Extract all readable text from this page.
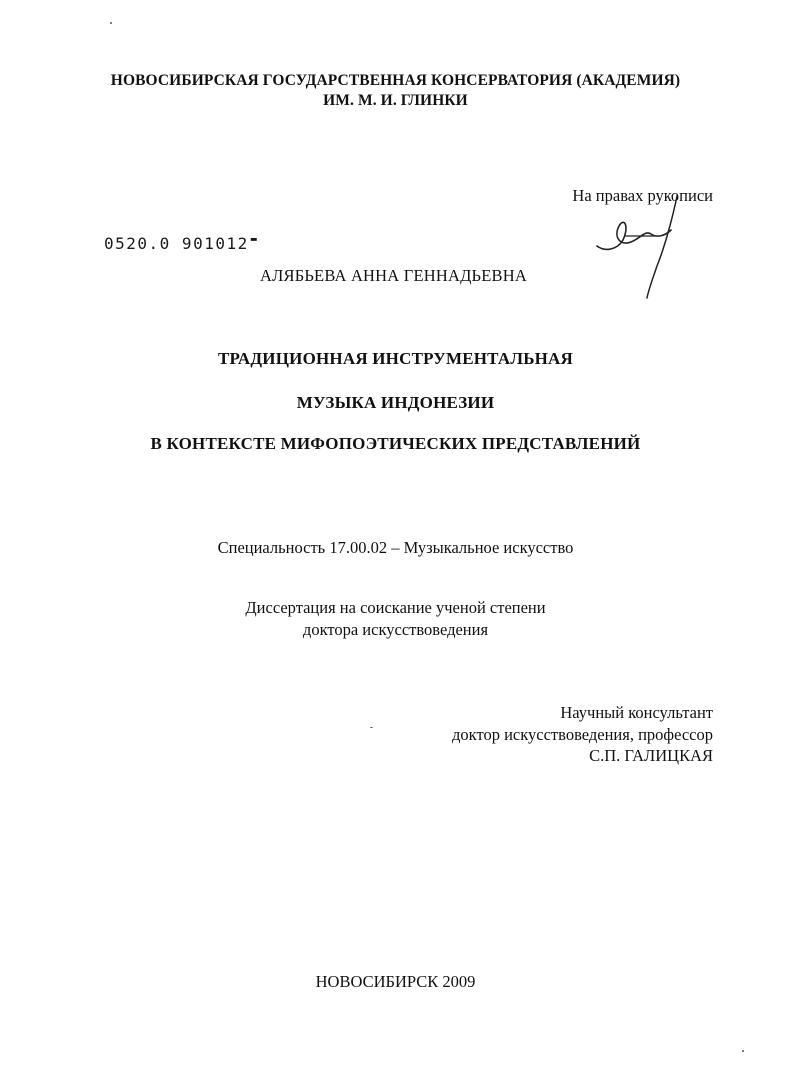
НОВОСИБИРСКАЯ ГОСУДАРСТВЕННАЯ КОНСЕРВАТОРИЯ (АКАДЕМИЯ)
ИМ. М. И. ГЛИНКИ
На правах рукописи
0520.0 901012 ▬
АЛЯБЬЕВА АННА ГЕННАДЬЕВНА
ТРАДИЦИОННАЯ ИНСТРУМЕНТАЛЬНАЯ
МУЗЫКА ИНДОНЕЗИИ
В КОНТЕКСТЕ МИФОПОЭТИЧЕСКИХ ПРЕДСТАВЛЕНИЙ
Специальность 17.00.02 – Музыкальное искусство
Диссертация на соискание ученой степени
доктора искусствоведения
Научный консультант
доктор искусствоведения, профессор
С.П. ГАЛИЦКАЯ
НОВОСИБИРСК 2009
